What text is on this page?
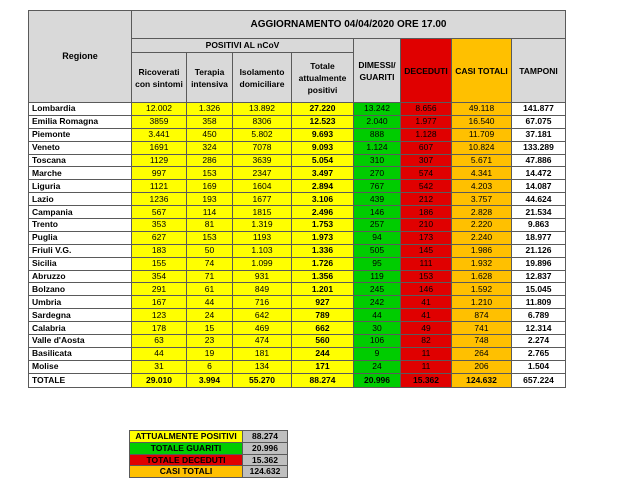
Regione	AGGIORNAMENTO 04/04/2020 ORE 17.00							
	POSITIVI AL nCoV				DIMESSI/ GUARITI	DECEDUTI	CASI TOTALI	TAMPONI
	Ricoverati con sintomi	Terapia intensiva	Isolamento domiciliare	Totale attualmente positivi				
Lombardia	12.002	1.326	13.892	27.220	13.242	8.656	49.118	141.877
Emilia Romagna	3859	358	8306	12.523	2.040	1.977	16.540	67.075
Piemonte	3.441	450	5.802	9.693	888	1.128	11.709	37.181
Veneto	1691	324	7078	9.093	1.124	607	10.824	133.289
Toscana	1129	286	3639	5.054	310	307	5.671	47.886
Marche	997	153	2347	3.497	270	574	4.341	14.472
Liguria	1121	169	1604	2.894	767	542	4.203	14.087
Lazio	1236	193	1677	3.106	439	212	3.757	44.624
Campania	567	114	1815	2.496	146	186	2.828	21.534
Trento	353	81	1.319	1.753	257	210	2.220	9.863
Puglia	627	153	1193	1.973	94	173	2.240	18.977
Friuli V.G.	183	50	1.103	1.336	505	145	1.986	21.126
Sicilia	155	74	1.099	1.726	95	111	1.932	19.896
Abruzzo	354	71	931	1.356	119	153	1.628	12.837
Bolzano	291	61	849	1.201	245	146	1.592	15.045
Umbria	167	44	716	927	242	41	1.210	11.809
Sardegna	123	24	642	789	44	41	874	6.789
Calabria	178	15	469	662	30	49	741	12.314
Valle d'Aosta	63	23	474	560	106	82	748	2.274
Basilicata	44	19	181	244	9	11	264	2.765
Molise	31	6	134	171	24	11	206	1.504
TOTALE	29.010	3.994	55.270	88.274	20.996	15.362	124.632	657.224
ATTUALMENTE POSITIVI	88.274
TOTALE GUARITI	20.996
TOTALE DECEDUTI	15.362
CASI TOTALI	124.632
